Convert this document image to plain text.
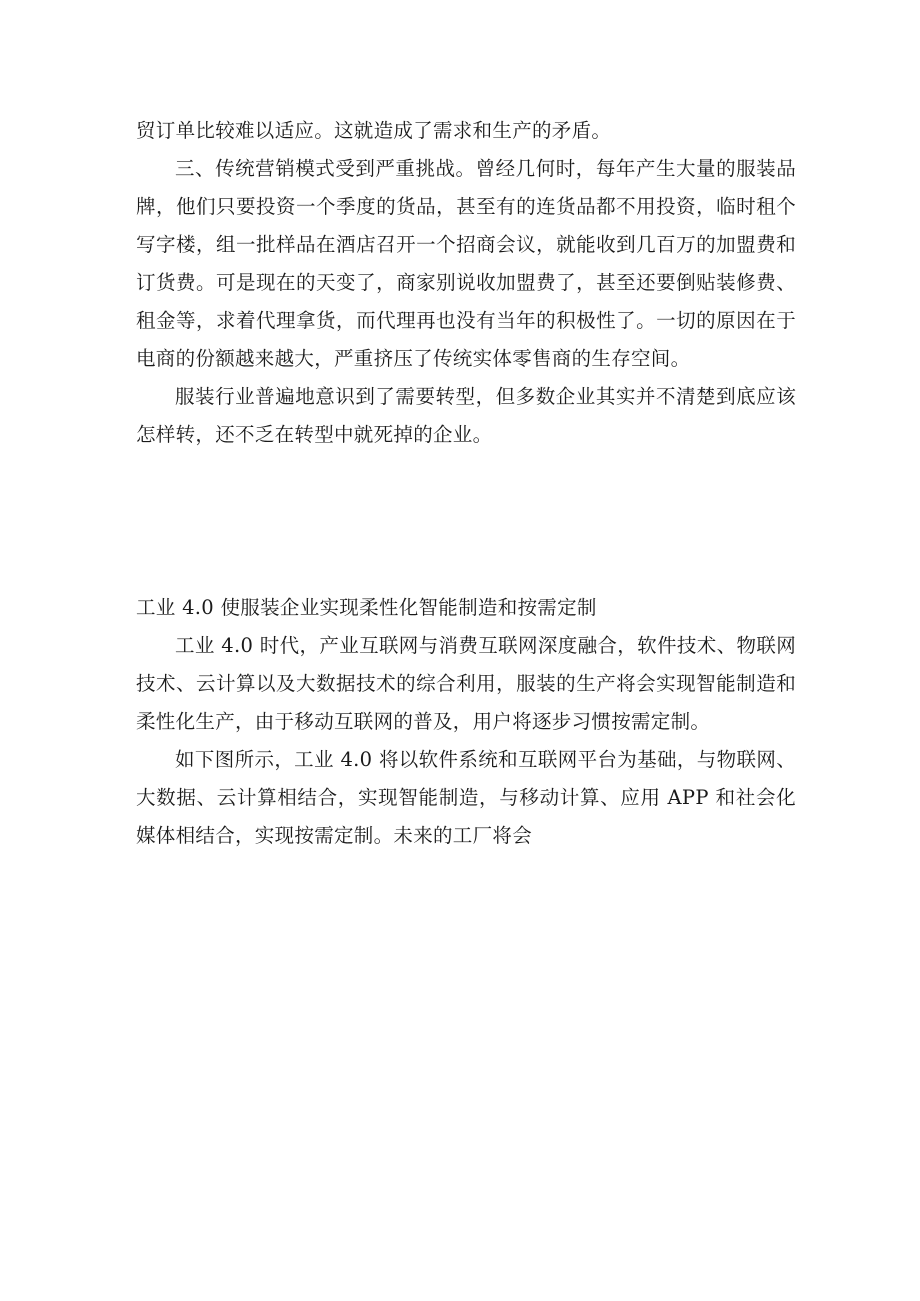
贸订单比较难以适应。这就造成了需求和生产的矛盾。

三、传统营销模式受到严重挑战。曾经几何时，每年产生大量的服装品牌，他们只要投资一个季度的货品，甚至有的连货品都不用投资，临时租个写字楼，组一批样品在酒店召开一个招商会议，就能收到几百万的加盟费和订货费。可是现在的天变了，商家别说收加盟费了，甚至还要倒贴装修费、租金等，求着代理拿货，而代理再也没有当年的积极性了。一切的原因在于电商的份额越来越大，严重挤压了传统实体零售商的生存空间。

服装行业普遍地意识到了需要转型，但多数企业其实并不清楚到底应该怎样转，还不乏在转型中就死掉的企业。

工业 4.0 使服装企业实现柔性化智能制造和按需定制

工业 4.0 时代，产业互联网与消费互联网深度融合，软件技术、物联网技术、云计算以及大数据技术的综合利用，服装的生产将会实现智能制造和柔性化生产，由于移动互联网的普及，用户将逐步习惯按需定制。

如下图所示，工业 4.0 将以软件系统和互联网平台为基础，与物联网、大数据、云计算相结合，实现智能制造，与移动计算、应用 APP 和社会化媒体相结合，实现按需定制。未来的工厂将会
